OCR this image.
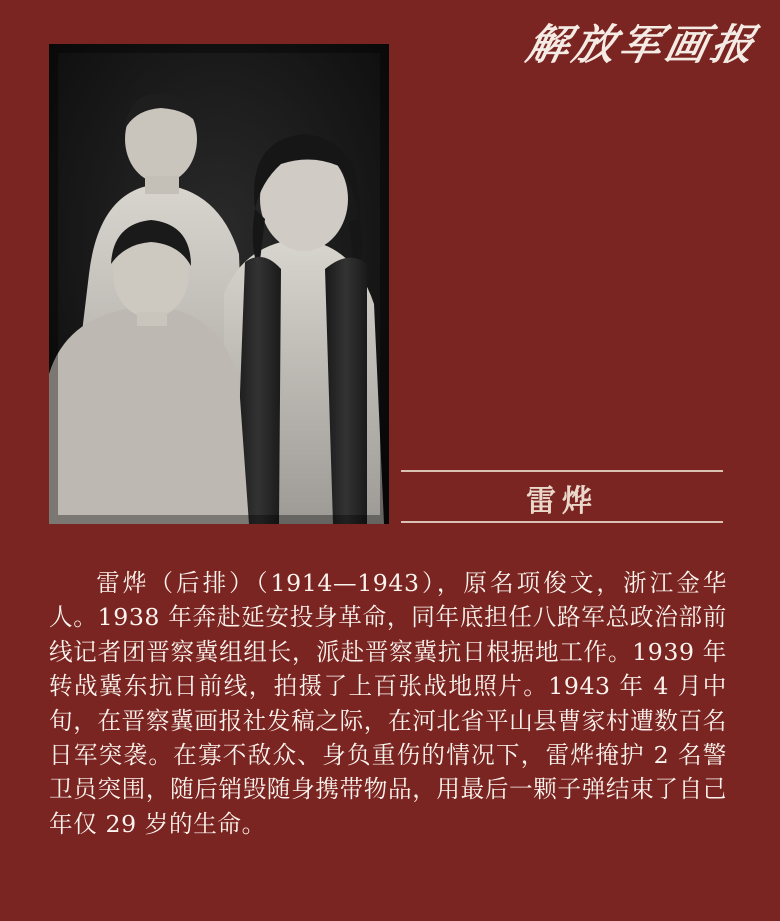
解放军画报
雷烨
雷烨（后排）（1914—1943），原名项俊文，浙江金华人。1938 年奔赴延安投身革命，同年底担任八路军总政治部前线记者团晋察冀组组长，派赴晋察冀抗日根据地工作。1939 年转战冀东抗日前线，拍摄了上百张战地照片。1943 年 4 月中旬，在晋察冀画报社发稿之际，在河北省平山县曹家村遭数百名日军突袭。在寡不敌众、身负重伤的情况下，雷烨掩护 2 名警卫员突围，随后销毁随身携带物品，用最后一颗子弹结束了自己年仅 29 岁的生命。
